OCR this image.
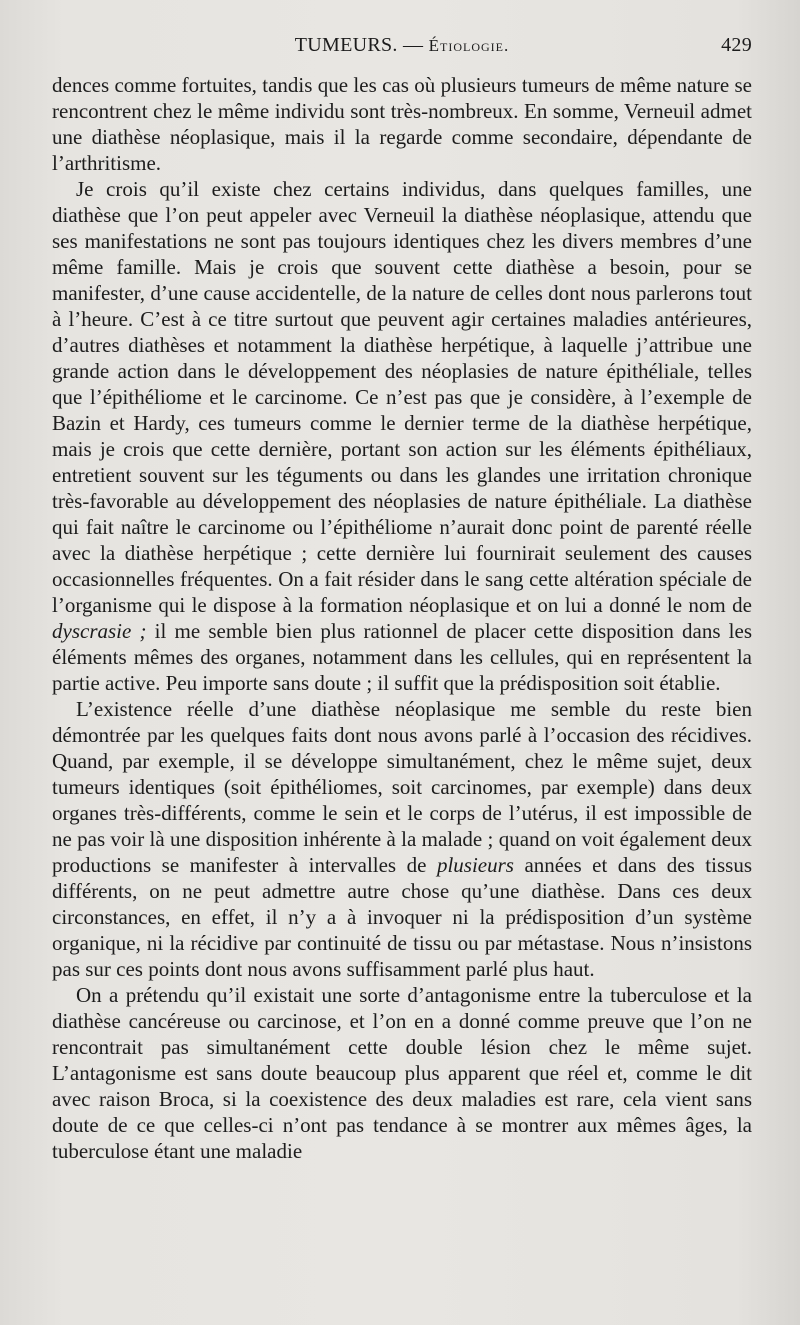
TUMEURS. — Étiologie.	429

dences comme fortuites, tandis que les cas où plusieurs tumeurs de même nature se rencontrent chez le même individu sont très-nombreux. En somme, Verneuil admet une diathèse néoplasique, mais il la regarde comme secondaire, dépendante de l’arthritisme.

Je crois qu’il existe chez certains individus, dans quelques familles, une diathèse que l’on peut appeler avec Verneuil la diathèse néoplasique, attendu que ses manifestations ne sont pas toujours identiques chez les divers membres d’une même famille. Mais je crois que souvent cette diathèse a besoin, pour se manifester, d’une cause accidentelle, de la nature de celles dont nous parlerons tout à l’heure. C’est à ce titre surtout que peuvent agir certaines maladies antérieures, d’autres diathèses et notamment la diathèse herpétique, à laquelle j’attribue une grande action dans le développement des néoplasies de nature épithéliale, telles que l’épithéliome et le carcinome. Ce n’est pas que je considère, à l’exemple de Bazin et Hardy, ces tumeurs comme le dernier terme de la diathèse herpétique, mais je crois que cette dernière, portant son action sur les éléments épithéliaux, entretient souvent sur les téguments ou dans les glandes une irritation chronique très-favorable au développement des néoplasies de nature épithéliale. La diathèse qui fait naître le carcinome ou l’épithéliome n’aurait donc point de parenté réelle avec la diathèse herpétique ; cette dernière lui fournirait seulement des causes occasionnelles fréquentes. On a fait résider dans le sang cette altération spéciale de l’organisme qui le dispose à la formation néoplasique et on lui a donné le nom de dyscrasie ; il me semble bien plus rationnel de placer cette disposition dans les éléments mêmes des organes, notamment dans les cellules, qui en représentent la partie active. Peu importe sans doute ; il suffit que la prédisposition soit établie.

L’existence réelle d’une diathèse néoplasique me semble du reste bien démontrée par les quelques faits dont nous avons parlé à l’occasion des récidives. Quand, par exemple, il se développe simultanément, chez le même sujet, deux tumeurs identiques (soit épithéliomes, soit carcinomes, par exemple) dans deux organes très-différents, comme le sein et le corps de l’utérus, il est impossible de ne pas voir là une disposition inhérente à la malade ; quand on voit également deux productions se manifester à intervalles de plusieurs années et dans des tissus différents, on ne peut admettre autre chose qu’une diathèse. Dans ces deux circonstances, en effet, il n’y a à invoquer ni la prédisposition d’un système organique, ni la récidive par continuité de tissu ou par métastase. Nous n’insistons pas sur ces points dont nous avons suffisamment parlé plus haut.

On a prétendu qu’il existait une sorte d’antagonisme entre la tuberculose et la diathèse cancéreuse ou carcinose, et l’on en a donné comme preuve que l’on ne rencontrait pas simultanément cette double lésion chez le même sujet. L’antagonisme est sans doute beaucoup plus apparent que réel et, comme le dit avec raison Broca, si la coexistence des deux maladies est rare, cela vient sans doute de ce que celles-ci n’ont pas tendance à se montrer aux mêmes âges, la tuberculose étant une maladie
